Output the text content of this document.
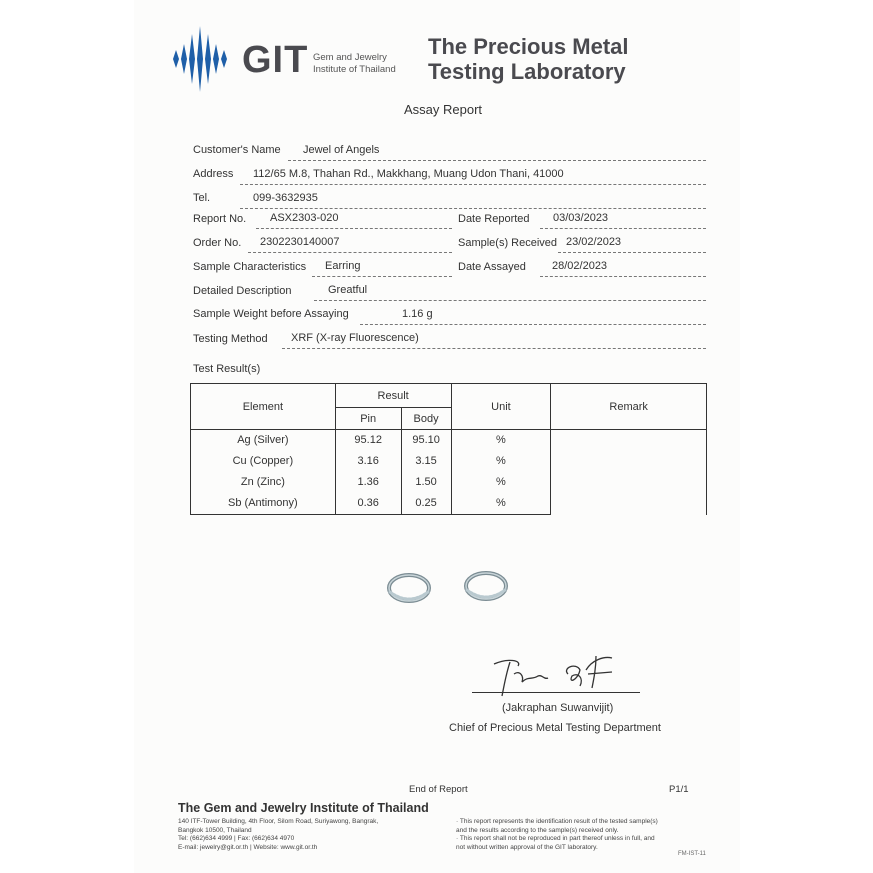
GIT Gem and Jewelry
Institute of Thailand
The Precious Metal
Testing Laboratory
Assay Report
Customer's Name Jewel of Angels
Address 112/65 M.8, Thahan Rd., Makkhang, Muang Udon Thani, 41000
Tel.	099-3632935
Report No. ASX2303-020	Date Reported 03/03/2023
Order No. 2302230140007	Sample(s) Received 23/02/2023
Sample Characteristics Earring	Date Assayed 28/02/2023
Detailed Description	Greatful
Sample Weight before Assaying	1.16 g
Testing Method XRF (X-ray Fluorescence)
Test Result(s)
Element	Result		Unit	Remark
	Pin	Body		
Ag (Silver)	95.12	95.10	%	
Cu (Copper)	3.16	3.15	%	
Zn (Zinc)	1.36	1.50	%	
Sb (Antimony)	0.36	0.25	%	
(Jakraphan Suwanvijit)
Chief of Precious Metal Testing Department
End of Report	P1/1
The Gem and Jewelry Institute of Thailand
140 ITF-Tower Building, 4th Floor, Silom Road, Suriyawong, Bangrak,
Bangkok 10500, Thailand
Tel: (662)634 4999 | Fax: (662)634 4970
E-mail: jewelry@git.or.th | Website: www.git.or.th
· This report represents the identification result of the tested sample(s)
and the results according to the sample(s) received only.
· This report shall not be reproduced in part thereof unless in full, and
not without written approval of the GIT laboratory.
FM-IST-11
